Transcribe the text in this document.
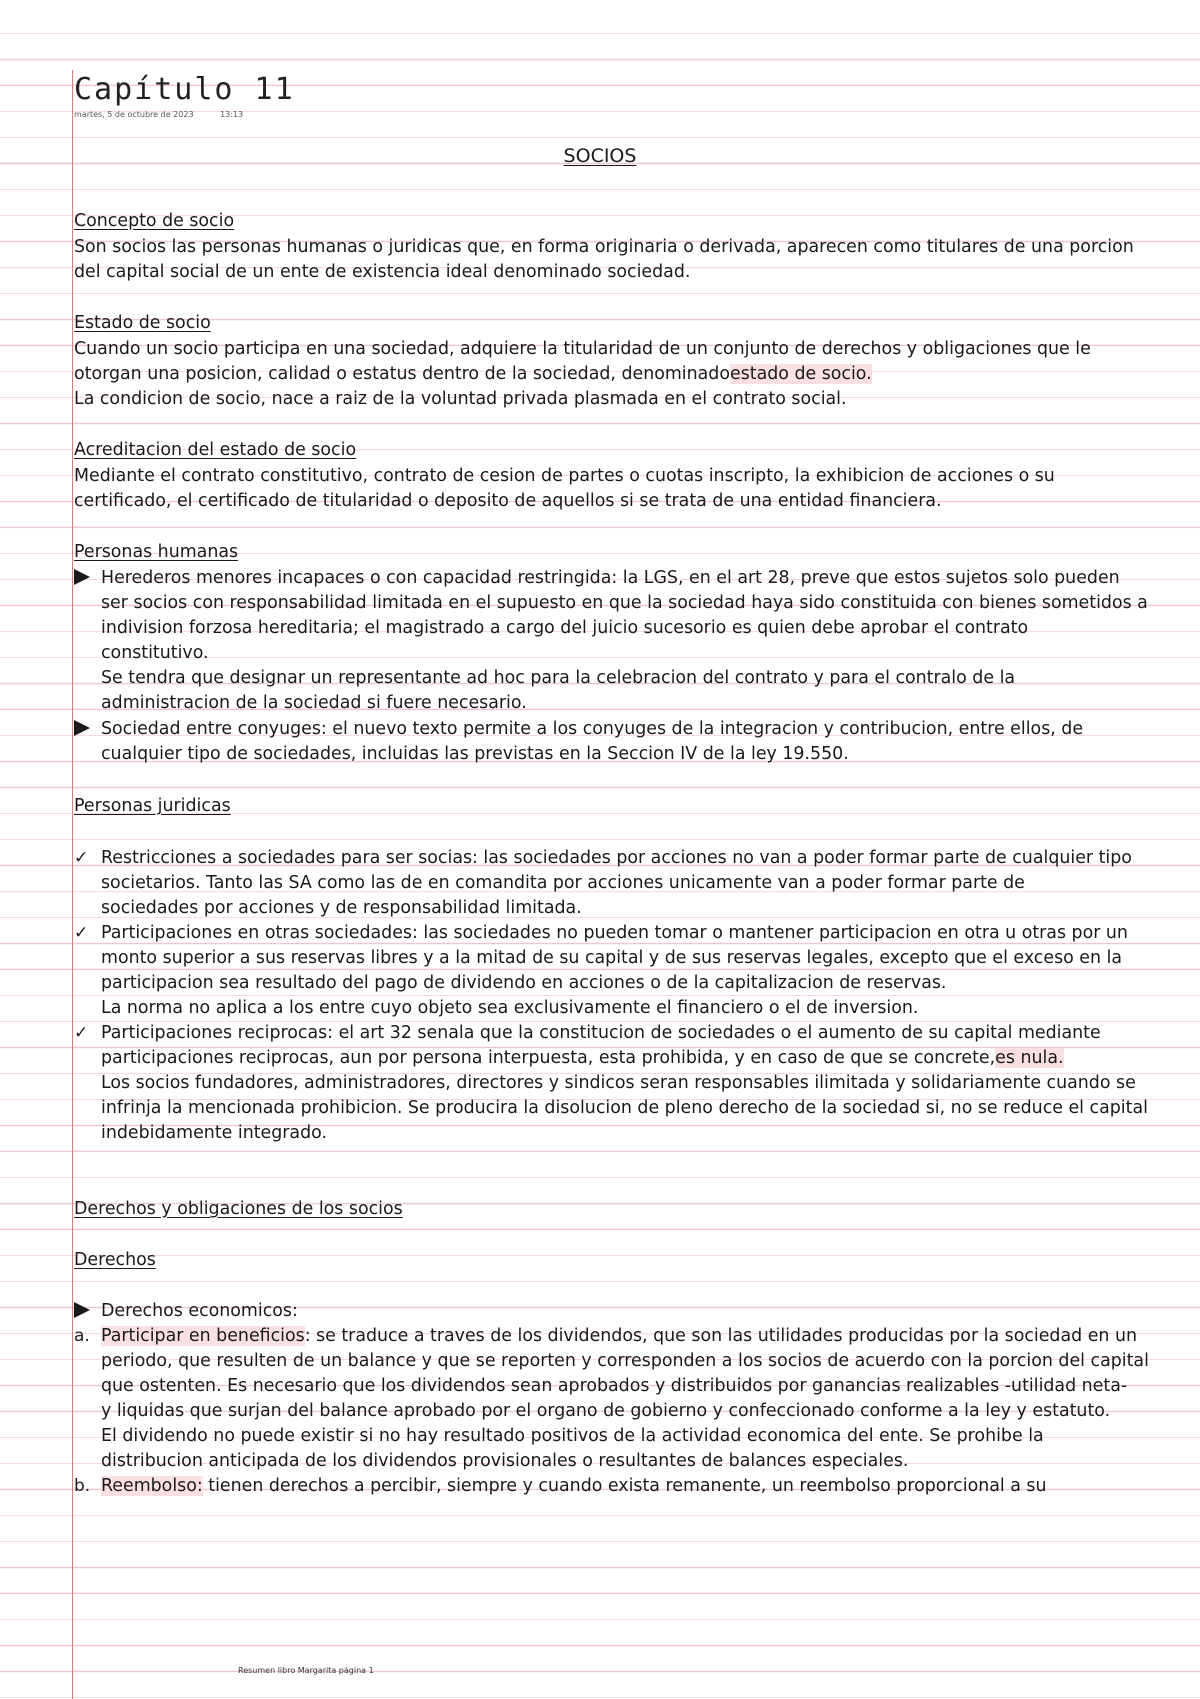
Capítulo 11
martes, 5 de octubre de 2023	13:13
SOCIOS
Concepto de socio
Son socios las personas humanas o juridicas que, en forma originaria o derivada, aparecen como titulares de una porcion
del capital social de un ente de existencia ideal denominado sociedad.
Estado de socio
Cuando un socio participa en una sociedad, adquiere la titularidad de un conjunto de derechos y obligaciones que le
otorgan una posicion, calidad o estatus dentro de la sociedad, denominadoestado de socio.
La condicion de socio, nace a raiz de la voluntad privada plasmada en el contrato social.
Acreditacion del estado de socio
Mediante el contrato constitutivo, contrato de cesion de partes o cuotas inscripto, la exhibicion de acciones o su
certificado, el certificado de titularidad o deposito de aquellos si se trata de una entidad financiera.
Personas humanas
Herederos menores incapaces o con capacidad restringida: la LGS, en el art 28, preve que estos sujetos solo pueden
ser socios con responsabilidad limitada en el supuesto en que la sociedad haya sido constituida con bienes sometidos a
indivision forzosa hereditaria; el magistrado a cargo del juicio sucesorio es quien debe aprobar el contrato
constitutivo.
Se tendra que designar un representante ad hoc para la celebracion del contrato y para el contralo de la
administracion de la sociedad si fuere necesario.
Sociedad entre conyuges: el nuevo texto permite a los conyuges de la integracion y contribucion, entre ellos, de
cualquier tipo de sociedades, incluidas las previstas en la Seccion IV de la ley 19.550.
Personas juridicas
✓ Restricciones a sociedades para ser socias: las sociedades por acciones no van a poder formar parte de cualquier tipo
societarios. Tanto las SA como las de en comandita por acciones unicamente van a poder formar parte de
sociedades por acciones y de responsabilidad limitada.
✓ Participaciones en otras sociedades: las sociedades no pueden tomar o mantener participacion en otra u otras por un
monto superior a sus reservas libres y a la mitad de su capital y de sus reservas legales, excepto que el exceso en la
participacion sea resultado del pago de dividendo en acciones o de la capitalizacion de reservas.
La norma no aplica a los entre cuyo objeto sea exclusivamente el financiero o el de inversion.
✓ Participaciones reciprocas: el art 32 senala que la constitucion de sociedades o el aumento de su capital mediante
participaciones reciprocas, aun por persona interpuesta, esta prohibida, y en caso de que se concrete,es nula.
Los socios fundadores, administradores, directores y sindicos seran responsables ilimitada y solidariamente cuando se
infrinja la mencionada prohibicion. Se producira la disolucion de pleno derecho de la sociedad si, no se reduce el capital
indebidamente integrado.
Derechos y obligaciones de los socios
Derechos
Derechos economicos:
a. Participar en beneficios: se traduce a traves de los dividendos, que son las utilidades producidas por la sociedad en un
periodo, que resulten de un balance y que se reporten y corresponden a los socios de acuerdo con la porcion del capital
que ostenten. Es necesario que los dividendos sean aprobados y distribuidos por ganancias realizables -utilidad neta-
y liquidas que surjan del balance aprobado por el organo de gobierno y confeccionado conforme a la ley y estatuto.
El dividendo no puede existir si no hay resultado positivos de la actividad economica del ente. Se prohibe la
distribucion anticipada de los dividendos provisionales o resultantes de balances especiales.
b. Reembolso: tienen derechos a percibir, siempre y cuando exista remanente, un reembolso proporcional a su
Resumen libro Margarita página 1
